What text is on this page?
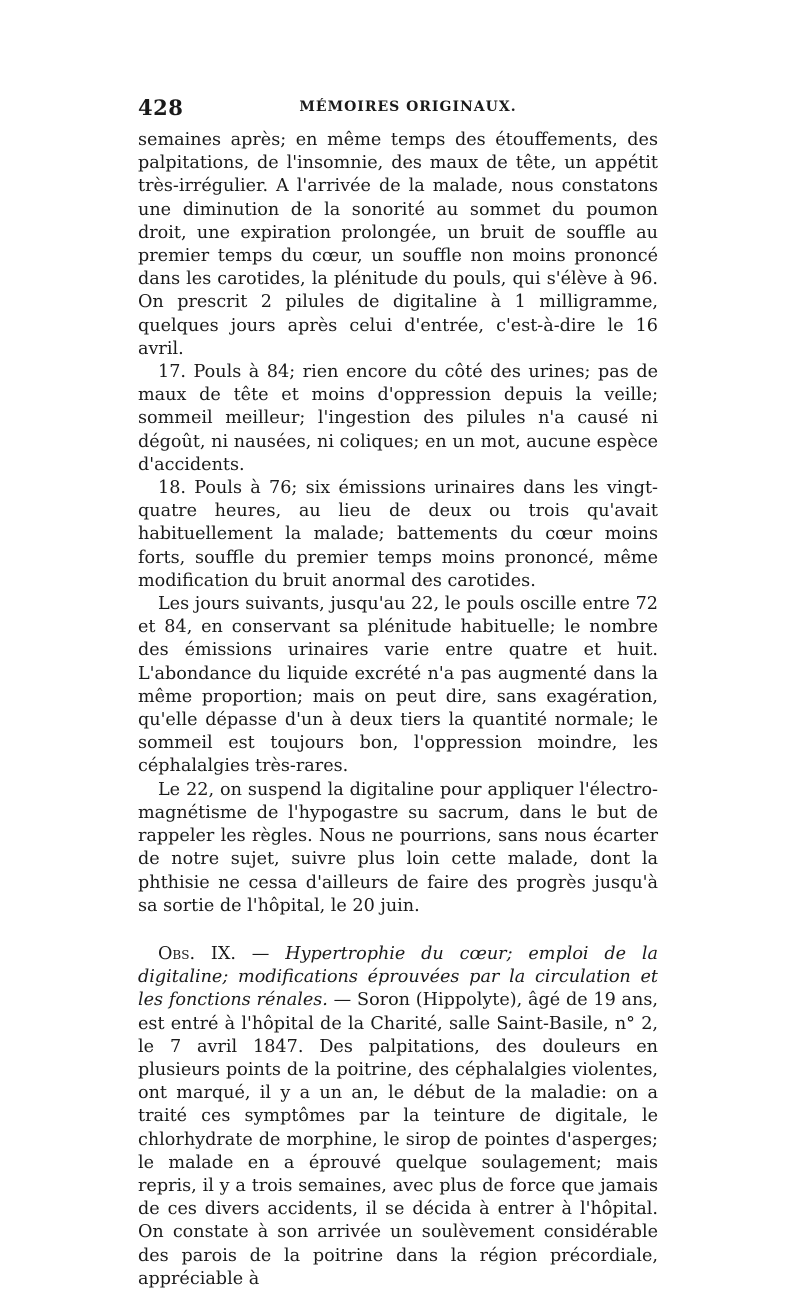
428	MÉMOIRES ORIGINAUX.

semaines après; en même temps des étouffements, des palpitations, de l'insomnie, des maux de tête, un appétit très-irrégulier. A l'arrivée de la malade, nous constatons une diminution de la sonorité au sommet du poumon droit, une expiration prolongée, un bruit de souffle au premier temps du cœur, un souffle non moins prononcé dans les carotides, la plénitude du pouls, qui s'élève à 96. On prescrit 2 pilules de digitaline à 1 milligramme, quelques jours après celui d'entrée, c'est-à-dire le 16 avril.

17. Pouls à 84; rien encore du côté des urines; pas de maux de tête et moins d'oppression depuis la veille; sommeil meilleur; l'ingestion des pilules n'a causé ni dégoût, ni nausées, ni coliques; en un mot, aucune espèce d'accidents.

18. Pouls à 76; six émissions urinaires dans les vingt-quatre heures, au lieu de deux ou trois qu'avait habituellement la malade; battements du cœur moins forts, souffle du premier temps moins prononcé, même modification du bruit anormal des carotides.

Les jours suivants, jusqu'au 22, le pouls oscille entre 72 et 84, en conservant sa plénitude habituelle; le nombre des émissions urinaires varie entre quatre et huit. L'abondance du liquide excrété n'a pas augmenté dans la même proportion; mais on peut dire, sans exagération, qu'elle dépasse d'un à deux tiers la quantité normale; le sommeil est toujours bon, l'oppression moindre, les céphalalgies très-rares.

Le 22, on suspend la digitaline pour appliquer l'électro-magnétisme de l'hypogastre su sacrum, dans le but de rappeler les règles. Nous ne pourrions, sans nous écarter de notre sujet, suivre plus loin cette malade, dont la phthisie ne cessa d'ailleurs de faire des progrès jusqu'à sa sortie de l'hôpital, le 20 juin.

Obs. IX. — Hypertrophie du cœur; emploi de la digitaline; modifications éprouvées par la circulation et les fonctions rénales. — Soron (Hippolyte), âgé de 19 ans, est entré à l'hôpital de la Charité, salle Saint-Basile, n° 2, le 7 avril 1847. Des palpitations, des douleurs en plusieurs points de la poitrine, des céphalalgies violentes, ont marqué, il y a un an, le début de la maladie: on a traité ces symptômes par la teinture de digitale, le chlorhydrate de morphine, le sirop de pointes d'asperges; le malade en a éprouvé quelque soulagement; mais repris, il y a trois semaines, avec plus de force que jamais de ces divers accidents, il se décida à entrer à l'hôpital. On constate à son arrivée un soulèvement considérable des parois de la poitrine dans la région précordiale, appréciable à
